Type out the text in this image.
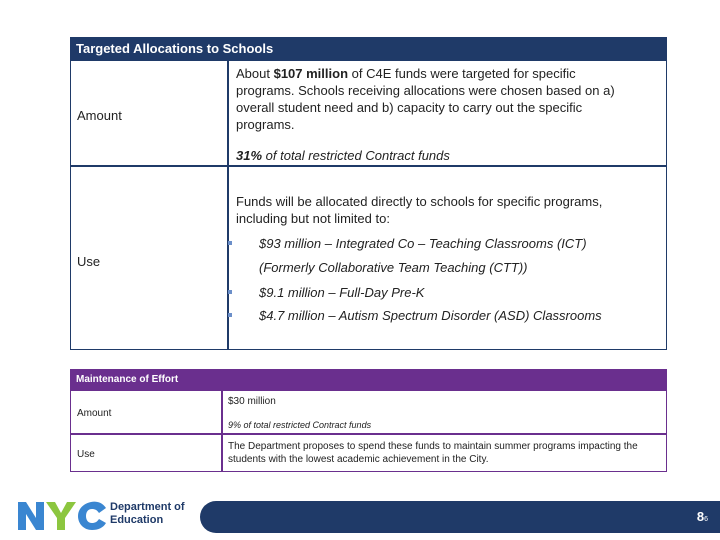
Targeted Allocations to Schools
Amount
About $107 million of C4E funds were targeted for specific programs. Schools receiving allocations were chosen based on a) overall student need and b) capacity to carry out the specific programs.
31% of total restricted Contract funds
Use
Funds will be allocated directly to schools for specific programs, including but not limited to:
$93 million – Integrated Co – Teaching Classrooms (ICT)
(Formerly Collaborative Team Teaching (CTT))
$9.1 million – Full-Day Pre-K
$4.7 million – Autism Spectrum Disorder (ASD) Classrooms
Maintenance of Effort
Amount
$30 million
9% of total restricted Contract funds
Use
The Department proposes to spend these funds to maintain summer programs impacting the students with the lowest academic achievement in the City.
Department of
Education	86
